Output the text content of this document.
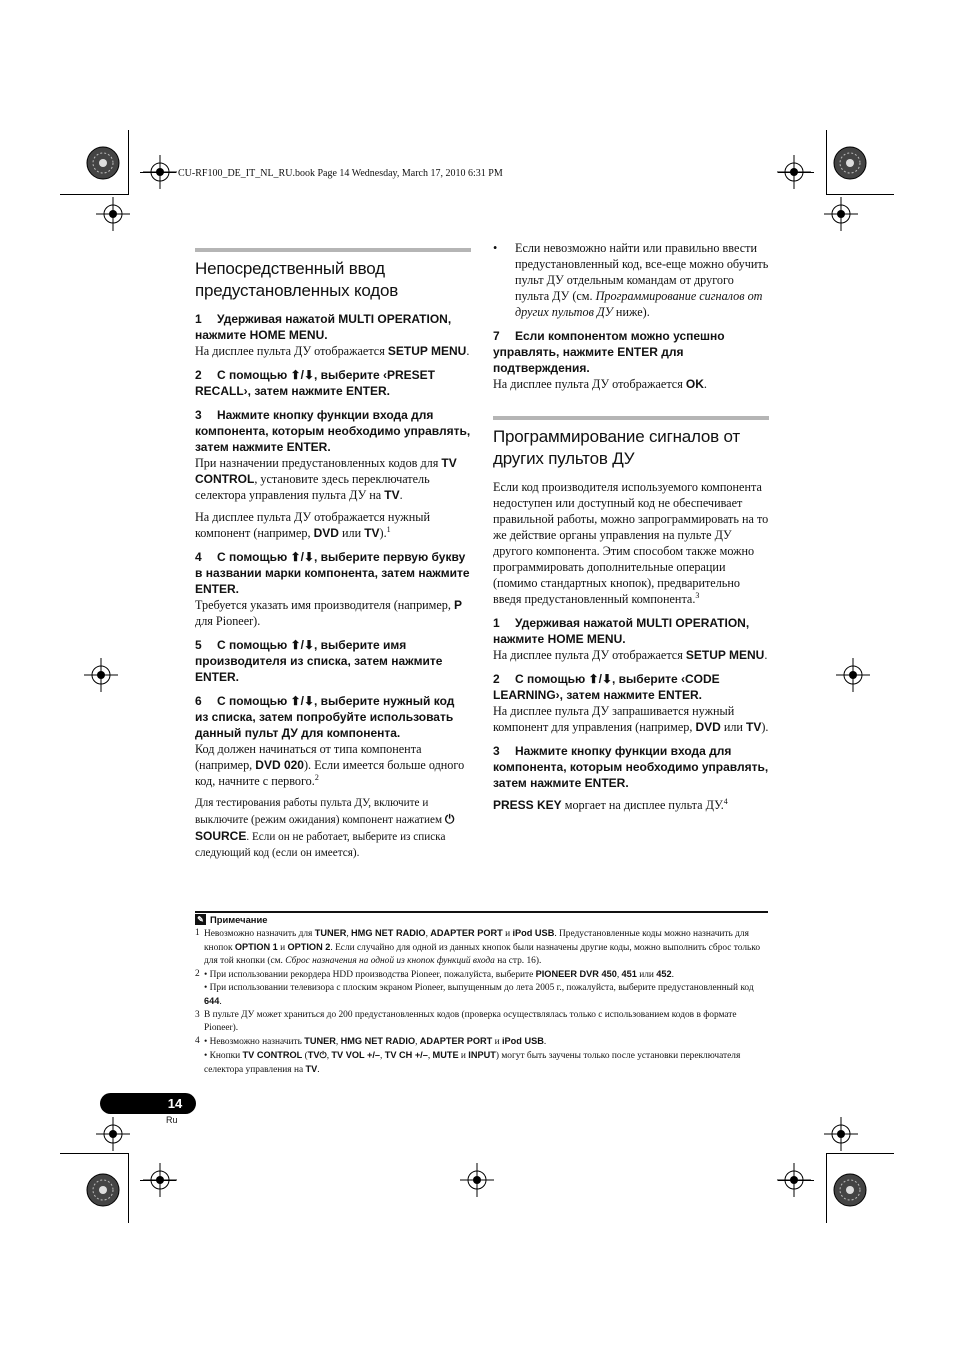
CU-RF100_DE_IT_NL_RU.book Page 14 Wednesday, March 17, 2010 6:31 PM
Непосредственный ввод предустановленных кодов
1 Удерживая нажатой MULTI OPERATION, нажмите HOME MENU.

На дисплее пульта ДУ отображается SETUP MENU.

2 С помощью ⬆/⬇, выберите ‹PRESET RECALL›, затем нажмите ENTER.
3 Нажмите кнопку функции входа для компонента, которым необходимо управлять, затем нажмите ENTER.

При назначении предустановленных кодов для TV CONTROL, установите здесь переключатель селектора управления пульта ДУ на TV.

На дисплее пульта ДУ отображается нужный компонент (например, DVD или TV).$^1$

4 С помощью ⬆/⬇, выберите первую букву в названии марки компонента, затем нажмите ENTER.

Требуется указать имя производителя (например, P для Pioneer).

5 С помощью ⬆/⬇, выберите имя производителя из списка, затем нажмите ENTER.
6 С помощью ⬆/⬇, выберите нужный код из списка, затем попробуйте использовать данный пульт ДУ для компонента.

Код должен начинаться от типа компонента (например, DVD 020). Если имеется больше одного код, начните с первого.$^2$

Для тестирования работы пульта ДУ, включите и выключите (режим ожидания) компонент нажатием ⏻ SOURCE. Если он не работает, выберите из списка следующий код (если он имеется).

•	Если невозможно найти или правильно ввести предустановленный код, все-еще можно обучить пульт ДУ отдельным командам от другого пульта ДУ (см. Программирование сигналов от других пультов ДУ ниже).
7 Если компонентом можно успешно управлять, нажмите ENTER для подтверждения.

На дисплее пульта ДУ отображается OK.

Программирование сигналов от других пультов ДУ

Если код производителя используемого компонента недоступен или доступный код не обеспечивает правильной работы, можно запрограммировать на то же действие органы управления на пульте ДУ другого компонента. Этим способом также можно программировать дополнительные операции (помимо стандартных кнопок), предварительно введя предустановленный компонента.$^3$

1 Удерживая нажатой MULTI OPERATION, нажмите HOME MENU.

На дисплее пульта ДУ отображается SETUP MENU.

2 С помощью ⬆/⬇, выберите ‹CODE LEARNING›, затем нажмите ENTER.

На дисплее пульта ДУ запрашивается нужный компонент для управления (например, DVD или TV).

3 Нажмите кнопку функции входа для компонента, которым необходимо управлять, затем нажмите ENTER.

PRESS KEY моргает на дисплее пульта ДУ.$^4$

✎ Примечание
1 Невозможно назначить для TUNER, HMG NET RADIO, ADAPTER PORT и iPod USB. Предустановленные коды можно назначить для кнопок OPTION 1 и OPTION 2. Если случайно для одной из данных кнопок были назначены другие коды, можно выполнить сброс только для той кнопки (см. Сброс назначения на одной из кнопок функций входа на стр. 16).
2 • При использовании рекордера HDD производства Pioneer, пожалуйста, выберите PIONEER DVR 450, 451 или 452.
• При использовании телевизора с плоским экраном Pioneer, выпущенным до лета 2005 г., пожалуйста, выберите предустановленный код 644.
3 В пульте ДУ может храниться до 200 предустановленных кодов (проверка осуществлялась только с использованием кодов в формате Pioneer).
4 • Невозможно назначить TUNER, HMG NET RADIO, ADAPTER PORT и iPod USB.
• Кнопки TV CONTROL (TV⏻, TV VOL +/–, TV CH +/–, MUTE и INPUT) могут быть заучены только после установки переключателя селектора управления на TV.
14
Ru
